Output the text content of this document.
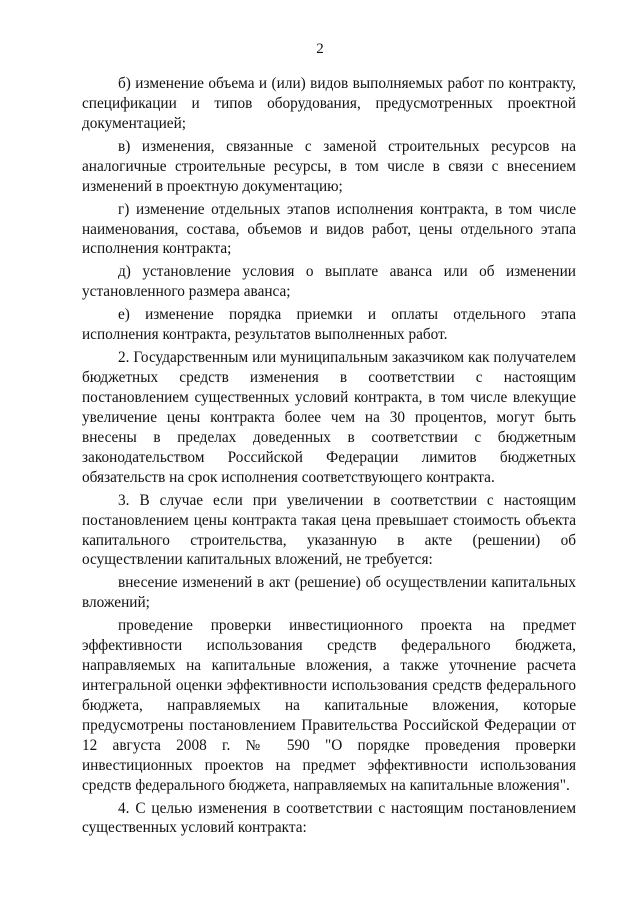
2

б) изменение объема и (или) видов выполняемых работ по контракту, спецификации и типов оборудования, предусмотренных проектной документацией;

в) изменения, связанные с заменой строительных ресурсов на аналогичные строительные ресурсы, в том числе в связи с внесением изменений в проектную документацию;

г) изменение отдельных этапов исполнения контракта, в том числе наименования, состава, объемов и видов работ, цены отдельного этапа исполнения контракта;

д) установление условия о выплате аванса или об изменении установленного размера аванса;

е) изменение порядка приемки и оплаты отдельного этапа исполнения контракта, результатов выполненных работ.

2. Государственным или муниципальным заказчиком как получателем бюджетных средств изменения в соответствии с настоящим постановлением существенных условий контракта, в том числе влекущие увеличение цены контракта более чем на 30 процентов, могут быть внесены в пределах доведенных в соответствии с бюджетным законодательством Российской Федерации лимитов бюджетных обязательств на срок исполнения соответствующего контракта.

3. В случае если при увеличении в соответствии с настоящим постановлением цены контракта такая цена превышает стоимость объекта капитального строительства, указанную в акте (решении) об осуществлении капитальных вложений, не требуется:

внесение изменений в акт (решение) об осуществлении капитальных вложений;

проведение проверки инвестиционного проекта на предмет эффективности использования средств федерального бюджета, направляемых на капитальные вложения, а также уточнение расчета интегральной оценки эффективности использования средств федерального бюджета, направляемых на капитальные вложения, которые предусмотрены постановлением Правительства Российской Федерации от 12 августа 2008 г. № 590 "О порядке проведения проверки инвестиционных проектов на предмет эффективности использования средств федерального бюджета, направляемых на капитальные вложения".

4. С целью изменения в соответствии с настоящим постановлением существенных условий контракта:
